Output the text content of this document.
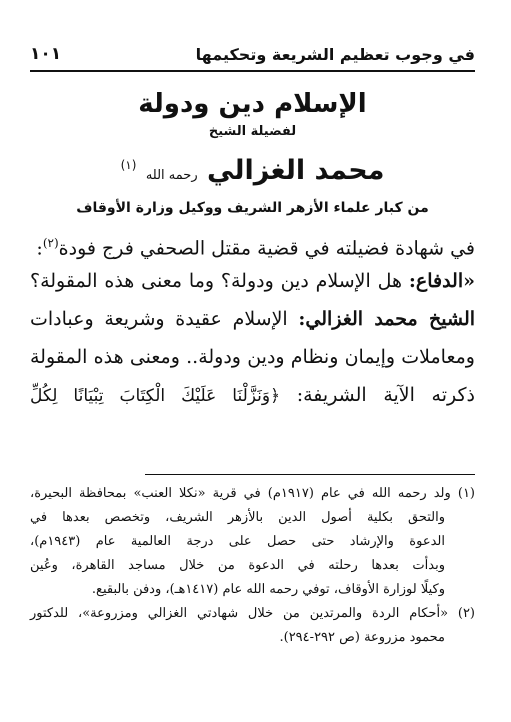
في وجوب تعظيم الشريعة وتحكيمها
١٠١
الإسلام دين ودولة
لفضيلة الشيخ
محمد الغزالي رحمه الله $^{(١)}$
من كبار علماء الأزهر الشريف ووكيل وزارة الأوقاف
في شهادة فضيلته في قضية مقتل الصحفي فرج فودة$^{(٢)}$:
«الدفاع: هل الإسلام دين ودولة؟ وما معنى هذه المقولة؟
الشيخ محمد الغزالي: الإسلام عقيدة وشريعة وعبادات
ومعاملات وإيمان ونظام ودين ودولة.. ومعنى هذه المقولة
ذكرته الآية الشريفة: ﴿وَنَزَّلْنَا عَلَيْكَ الْكِتَابَ تِبْيَانًا لِكُلِّ
(١) ولد رحمه الله في عام (١٩١٧م) في قرية «نكلا العنب» بمحافظة البحيرة،
والتحق بكلية أصول الدين بالأزهر الشريف، وتخصص بعدها في
الدعوة والإرشاد حتى حصل على درجة العالمية عام (١٩٤٣م)،
وبدأت بعدها رحلته في الدعوة من خلال مساجد القاهرة، وعُين
وكيلًا لوزارة الأوقاف، توفي رحمه الله عام (١٤١٧هـ)، ودفن بالبقيع.
(٢) «أحكام الردة والمرتدين من خلال شهادتي الغزالي ومزروعة»، للدكتور
محمود مزروعة (ص ٢٩٢-٢٩٤).
